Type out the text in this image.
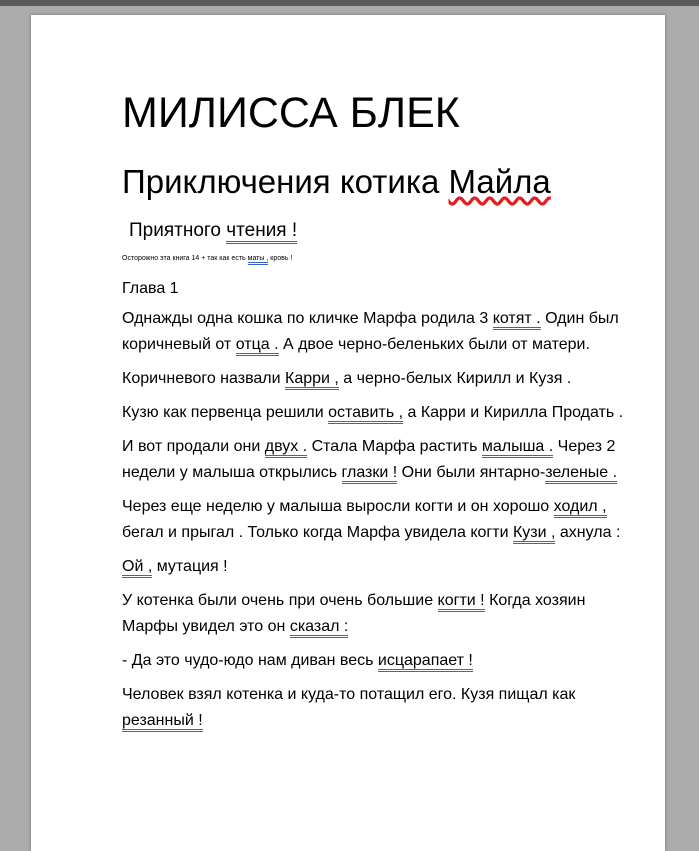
МИЛИССА БЛЕК
Приключения котика Майла
Приятного чтения !
Осторожно эта книга 14 + так как есть маты , кровь !
Глава 1

Однажды одна кошка по кличке Марфа родила 3 котят . Один был коричневый от отца . А двое черно-беленьких были от матери.

Коричневого назвали Карри , а черно-белых Кирилл и Кузя .

Кузю как первенца решили оставить , а Карри и Кирилла Продать .

И вот продали они двух . Стала Марфа растить малыша . Через 2 недели у малыша открылись глазки ! Они были янтарно-зеленые .

Через еще неделю у малыша выросли когти и он хорошо ходил , бегал и прыгал . Только когда Марфа увидела когти Кузи , ахнула :

Ой , мутация !

У котенка были очень при очень большие когти ! Когда хозяин Марфы увидел это он сказал :

- Да это чудо-юдо нам диван весь исцарапает !

Человек взял котенка и куда-то потащил его. Кузя пищал как резанный !
